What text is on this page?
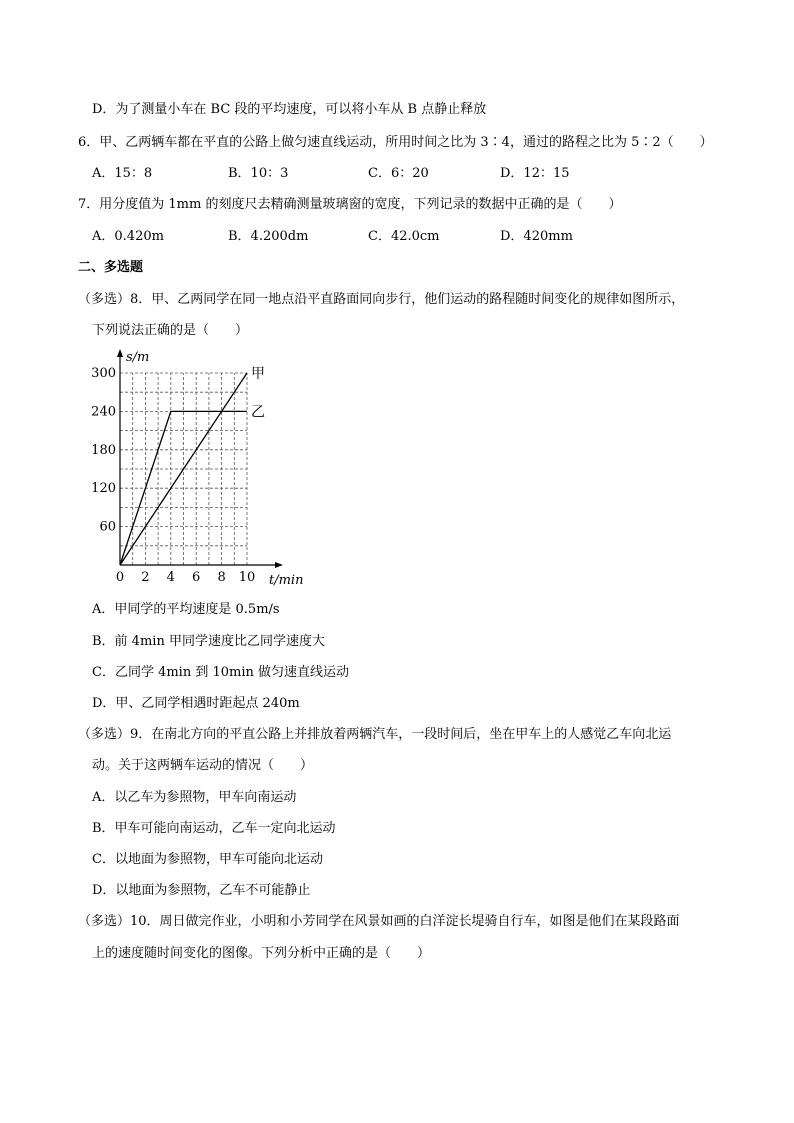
D．为了测量小车在 BC 段的平均速度，可以将小车从 B 点静止释放
6．甲、乙两辆车都在平直的公路上做匀速直线运动，所用时间之比为 3∶4，通过的路程之比为 5∶2（　　）
A．15：8	B．10：3	C．6：20	D．12：15
7．用分度值为 1mm 的刻度尺去精确测量玻璃窗的宽度，下列记录的数据中正确的是（　　）
A．0.420m	B．4.200dm	C．42.0cm	D．420mm
二、多选题
（多选）8．甲、乙两同学在同一地点沿平直路面同向步行，他们运动的路程随时间变化的规律如图所示，
下列说法正确的是（　　）
0 2 4 6 8 10
60
120
180
240
300
t/min
s/m
甲
乙
A．甲同学的平均速度是 0.5m/s
B．前 4min 甲同学速度比乙同学速度大
C．乙同学 4min 到 10min 做匀速直线运动
D．甲、乙同学相遇时距起点 240m
（多选）9．在南北方向的平直公路上并排放着两辆汽车，一段时间后，坐在甲车上的人感觉乙车向北运
动。关于这两辆车运动的情况（　　）
A．以乙车为参照物，甲车向南运动
B．甲车可能向南运动，乙车一定向北运动
C．以地面为参照物，甲车可能向北运动
D．以地面为参照物，乙车不可能静止
（多选）10．周日做完作业，小明和小芳同学在风景如画的白洋淀长堤骑自行车，如图是他们在某段路面
上的速度随时间变化的图像。下列分析中正确的是（　　）
